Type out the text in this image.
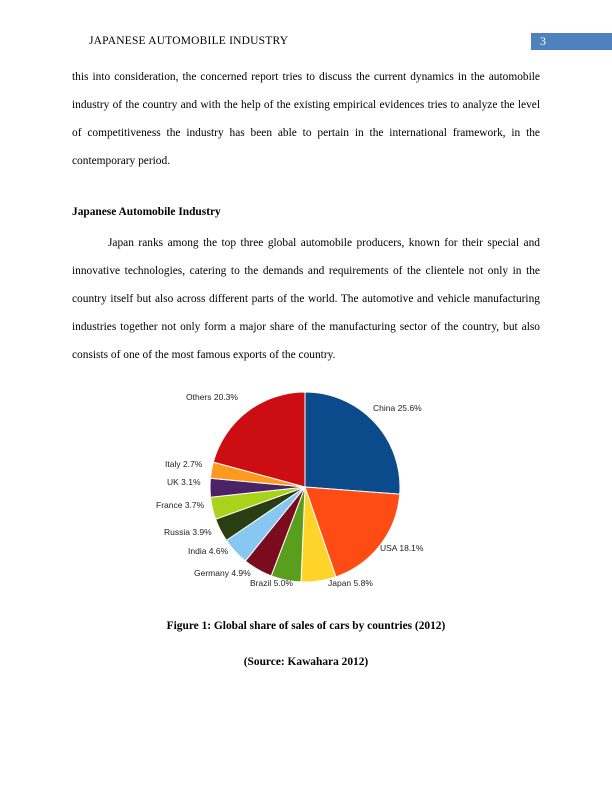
JAPANESE AUTOMOBILE INDUSTRY	3

this into consideration, the concerned report tries to discuss the current dynamics in the automobile industry of the country and with the help of the existing empirical evidences tries to analyze the level of competitiveness the industry has been able to pertain in the international framework, in the contemporary period.

Japanese Automobile Industry

Japan ranks among the top three global automobile producers, known for their special and innovative technologies, catering to the demands and requirements of the clientele not only in the country itself but also across different parts of the world. The automotive and vehicle manufacturing industries together not only form a major share of the manufacturing sector of the country, but also consists of one of the most famous exports of the country.

China 25.6%
USA 18.1%
Japan 5.8%
Brazil 5.0%
Germany 4.9%
India 4.6%
Russia 3.9%
France 3.7%
UK 3.1%
Italy 2.7%
Others 20.3%
Figure 1: Global share of sales of cars by countries (2012)
(Source: Kawahara 2012)
